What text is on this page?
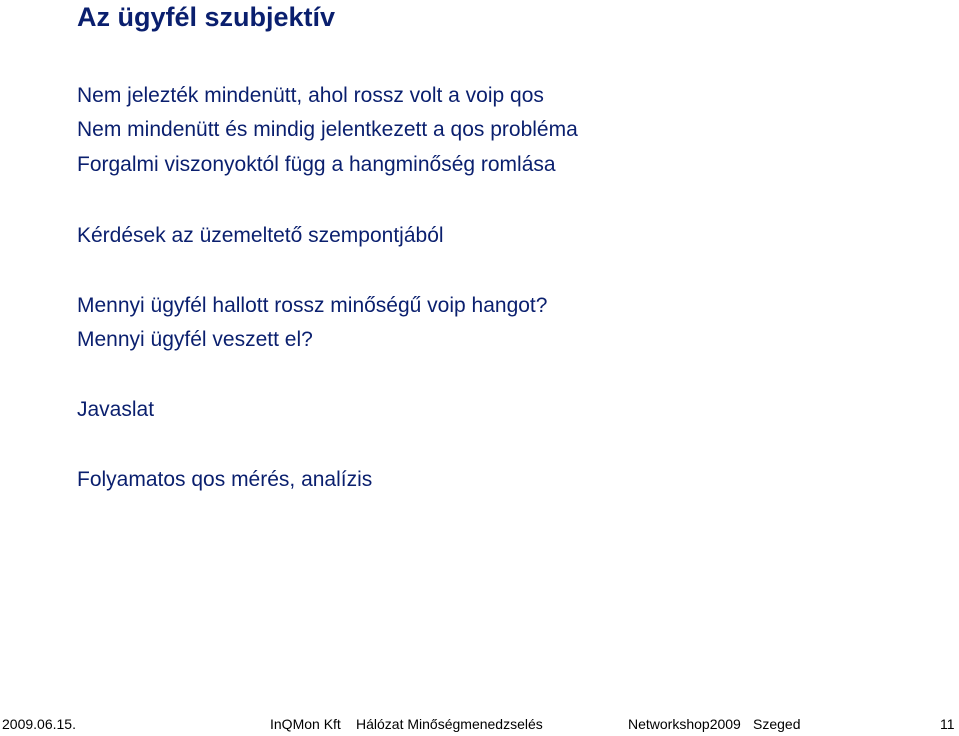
Az ügyfél szubjektív
Nem jelezték mindenütt, ahol rossz volt a voip qos
Nem mindenütt és mindig jelentkezett a qos probléma
Forgalmi viszonyoktól függ a hangminőség romlása
Kérdések az üzemeltető szempontjából
Mennyi ügyfél hallott rossz minőségű voip hangot?
Mennyi ügyfél veszett el?
Javaslat
Folyamatos qos mérés, analízis
2009.06.15.	InQMon Kft Hálózat Minőségmenedzselés	Networkshop2009 Szeged	11
